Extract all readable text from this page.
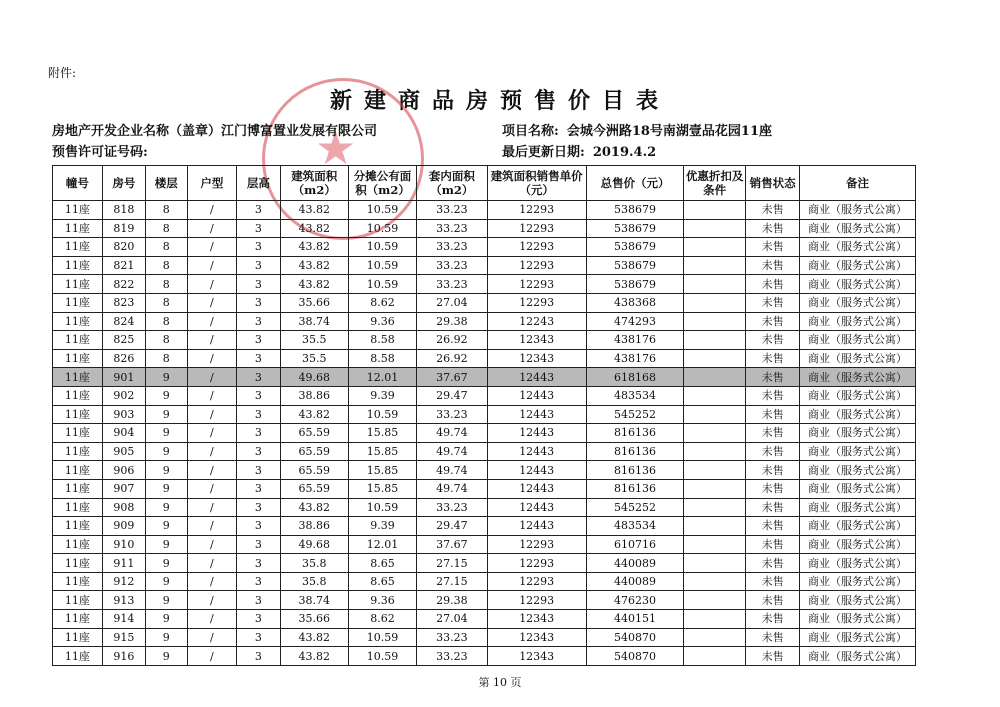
附件:
新建商品房预售价目表
★
房地产开发企业名称（盖章）江门博富置业发展有限公司
预售许可证号码:
项目名称: 会城今洲路18号南湖壹品花园11座
最后更新日期: 2019.4.2
幢号	房号	楼层	户型	层高	建筑面积（m2）	分摊公有面积（m2）	套内面积（m2）	建筑面积销售单价（元）	总售价（元）	优惠折扣及条件	销售状态	备注
11座	818	8	/	3	43.82	10.59	33.23	12293	538679		未售	商业（服务式公寓）
11座	819	8	/	3	43.82	10.59	33.23	12293	538679		未售	商业（服务式公寓）
11座	820	8	/	3	43.82	10.59	33.23	12293	538679		未售	商业（服务式公寓）
11座	821	8	/	3	43.82	10.59	33.23	12293	538679		未售	商业（服务式公寓）
11座	822	8	/	3	43.82	10.59	33.23	12293	538679		未售	商业（服务式公寓）
11座	823	8	/	3	35.66	8.62	27.04	12293	438368		未售	商业（服务式公寓）
11座	824	8	/	3	38.74	9.36	29.38	12243	474293		未售	商业（服务式公寓）
11座	825	8	/	3	35.5	8.58	26.92	12343	438176		未售	商业（服务式公寓）
11座	826	8	/	3	35.5	8.58	26.92	12343	438176		未售	商业（服务式公寓）
11座	901	9	/	3	49.68	12.01	37.67	12443	618168		未售	商业（服务式公寓）
11座	902	9	/	3	38.86	9.39	29.47	12443	483534		未售	商业（服务式公寓）
11座	903	9	/	3	43.82	10.59	33.23	12443	545252		未售	商业（服务式公寓）
11座	904	9	/	3	65.59	15.85	49.74	12443	816136		未售	商业（服务式公寓）
11座	905	9	/	3	65.59	15.85	49.74	12443	816136		未售	商业（服务式公寓）
11座	906	9	/	3	65.59	15.85	49.74	12443	816136		未售	商业（服务式公寓）
11座	907	9	/	3	65.59	15.85	49.74	12443	816136		未售	商业（服务式公寓）
11座	908	9	/	3	43.82	10.59	33.23	12443	545252		未售	商业（服务式公寓）
11座	909	9	/	3	38.86	9.39	29.47	12443	483534		未售	商业（服务式公寓）
11座	910	9	/	3	49.68	12.01	37.67	12293	610716		未售	商业（服务式公寓）
11座	911	9	/	3	35.8	8.65	27.15	12293	440089		未售	商业（服务式公寓）
11座	912	9	/	3	35.8	8.65	27.15	12293	440089		未售	商业（服务式公寓）
11座	913	9	/	3	38.74	9.36	29.38	12293	476230		未售	商业（服务式公寓）
11座	914	9	/	3	35.66	8.62	27.04	12343	440151		未售	商业（服务式公寓）
11座	915	9	/	3	43.82	10.59	33.23	12343	540870		未售	商业（服务式公寓）
11座	916	9	/	3	43.82	10.59	33.23	12343	540870		未售	商业（服务式公寓）
第 10 页
